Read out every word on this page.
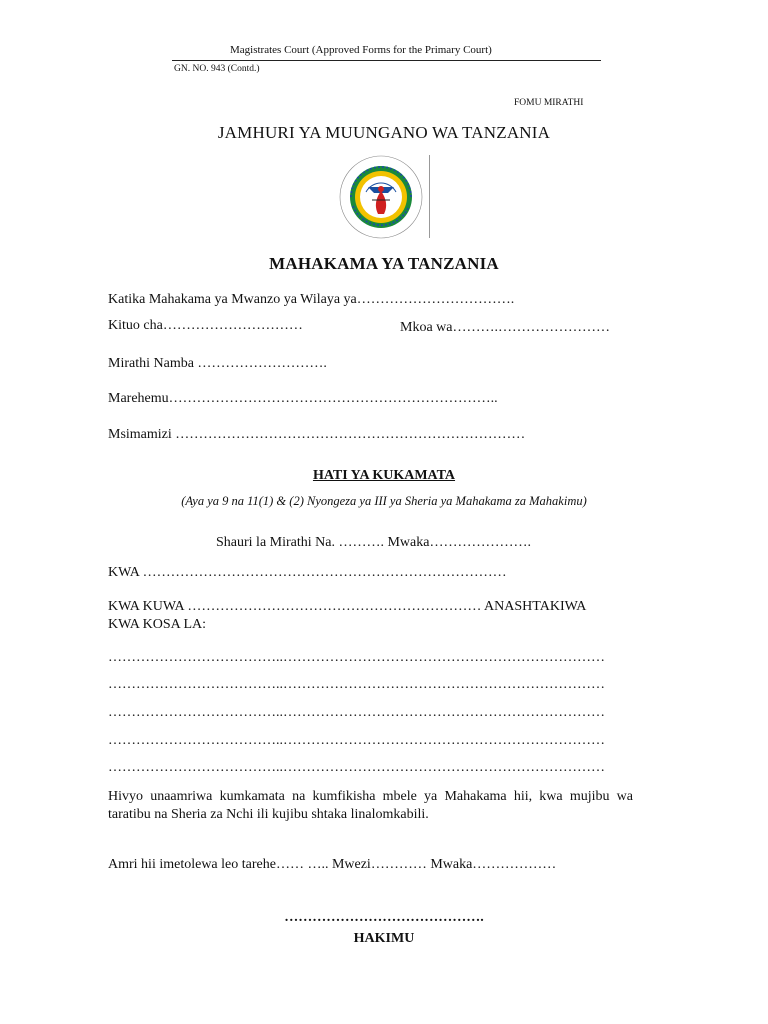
Magistrates Court (Approved Forms for the Primary Court)
GN. NO. 943 (Contd.)
FOMU MIRATHI
JAMHURI YA MUUNGANO WA TANZANIA
MAHAKAMA YA TANZANIA
Katika Mahakama ya Mwanzo ya Wilaya ya…………………………….
Kituo cha…………………………	Mkoa wa……….……………………
Mirathi Namba ……………………….
Marehemu……………………………………………………………..
Msimamizi …………………………………………………………………
HATI YA KUKAMATA
(Aya ya 9 na 11(1) & (2) Nyongeza ya III ya Sheria ya Mahakama za Mahakimu)
Shauri la Mirathi Na. ………. Mwaka………………….
KWA ……………………………………………………………………
KWA KUWA ……………………………………………………… ANASHTAKIWA
KWA KOSA LA:
………………………………..……………………………………………………………
………………………………..……………………………………………………………
………………………………..……………………………………………………………
………………………………..……………………………………………………………
………………………………..……………………………………………………………
Hivyo unaamriwa kumkamata na kumfikisha mbele ya Mahakama hii, kwa mujibu wa taratibu na Sheria za Nchi ili kujibu shtaka linalomkabili.
Amri hii imetolewa leo tarehe…… ….. Mwezi………… Mwaka………………
…………………………………….
HAKIMU
